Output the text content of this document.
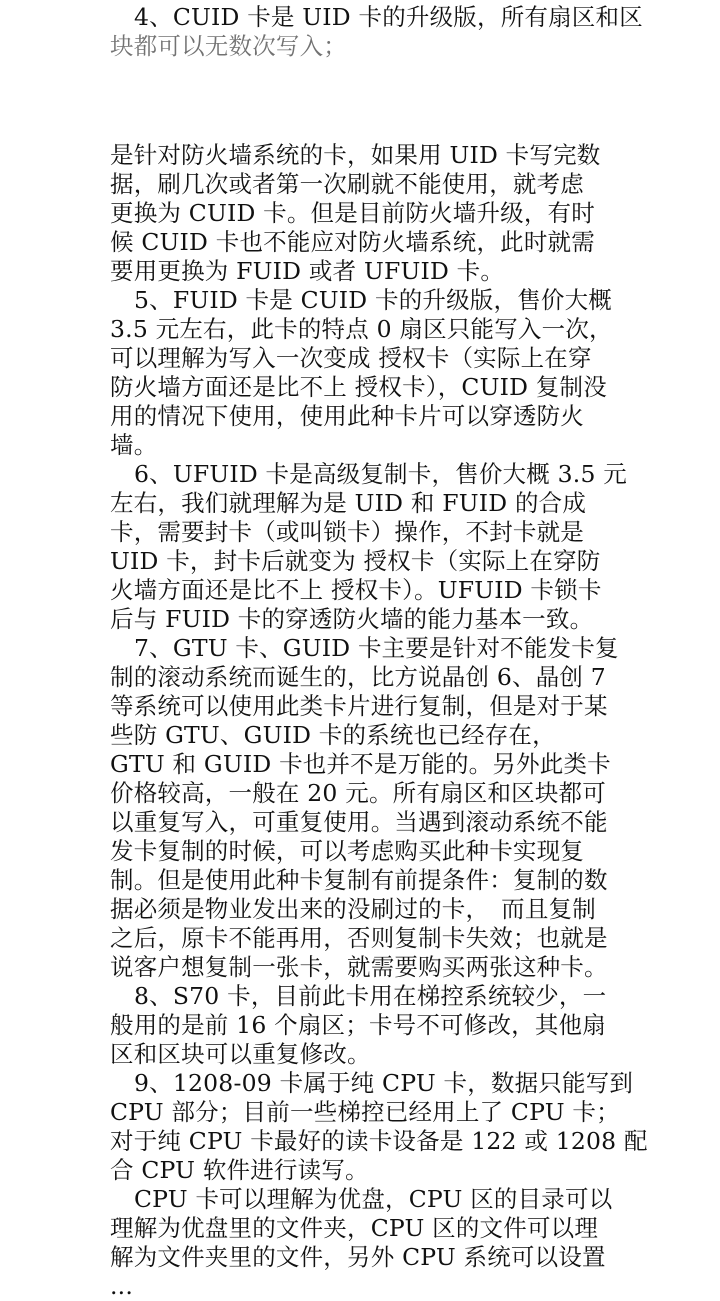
4、CUID 卡是 UID 卡的升级版，所有扇区和区
块都可以无数次写入；
是针对防火墙系统的卡，如果用 UID 卡写完数
据，刷几次或者第一次刷就不能使用，就考虑
更换为 CUID 卡。但是目前防火墙升级，有时
候 CUID 卡也不能应对防火墙系统，此时就需
要用更换为 FUID 或者 UFUID 卡。
5、FUID 卡是 CUID 卡的升级版，售价大概
3.5 元左右，此卡的特点 0 扇区只能写入一次，
可以理解为写入一次变成 授权卡（实际上在穿
防火墙方面还是比不上 授权卡），CUID 复制没
用的情况下使用，使用此种卡片可以穿透防火
墙。
6、UFUID 卡是高级复制卡，售价大概 3.5 元
左右，我们就理解为是 UID 和 FUID 的合成
卡，需要封卡（或叫锁卡）操作，不封卡就是
UID 卡，封卡后就变为 授权卡（实际上在穿防
火墙方面还是比不上 授权卡）。UFUID 卡锁卡
后与 FUID 卡的穿透防火墙的能力基本一致。
7、GTU 卡、GUID 卡主要是针对不能发卡复
制的滚动系统而诞生的，比方说晶创 6、晶创 7
等系统可以使用此类卡片进行复制，但是对于某
些防 GTU、GUID 卡的系统也已经存在，
GTU 和 GUID 卡也并不是万能的。另外此类卡
价格较高，一般在 20 元。所有扇区和区块都可
以重复写入，可重复使用。当遇到滚动系统不能
发卡复制的时候，可以考虑购买此种卡实现复
制。但是使用此种卡复制有前提条件：复制的数
据必须是物业发出来的没刷过的卡，　而且复制
之后，原卡不能再用，否则复制卡失效；也就是
说客户想复制一张卡，就需要购买两张这种卡。
8、S70 卡，目前此卡用在梯控系统较少，一
般用的是前 16 个扇区；卡号不可修改，其他扇
区和区块可以重复修改。
9、1208-09 卡属于纯 CPU 卡，数据只能写到
CPU 部分；目前一些梯控已经用上了 CPU 卡；
对于纯 CPU 卡最好的读卡设备是 122 或 1208 配
合 CPU 软件进行读写。
CPU 卡可以理解为优盘，CPU 区的目录可以
理解为优盘里的文件夹，CPU 区的文件可以理
解为文件夹里的文件，另外 CPU 系统可以设置
...
